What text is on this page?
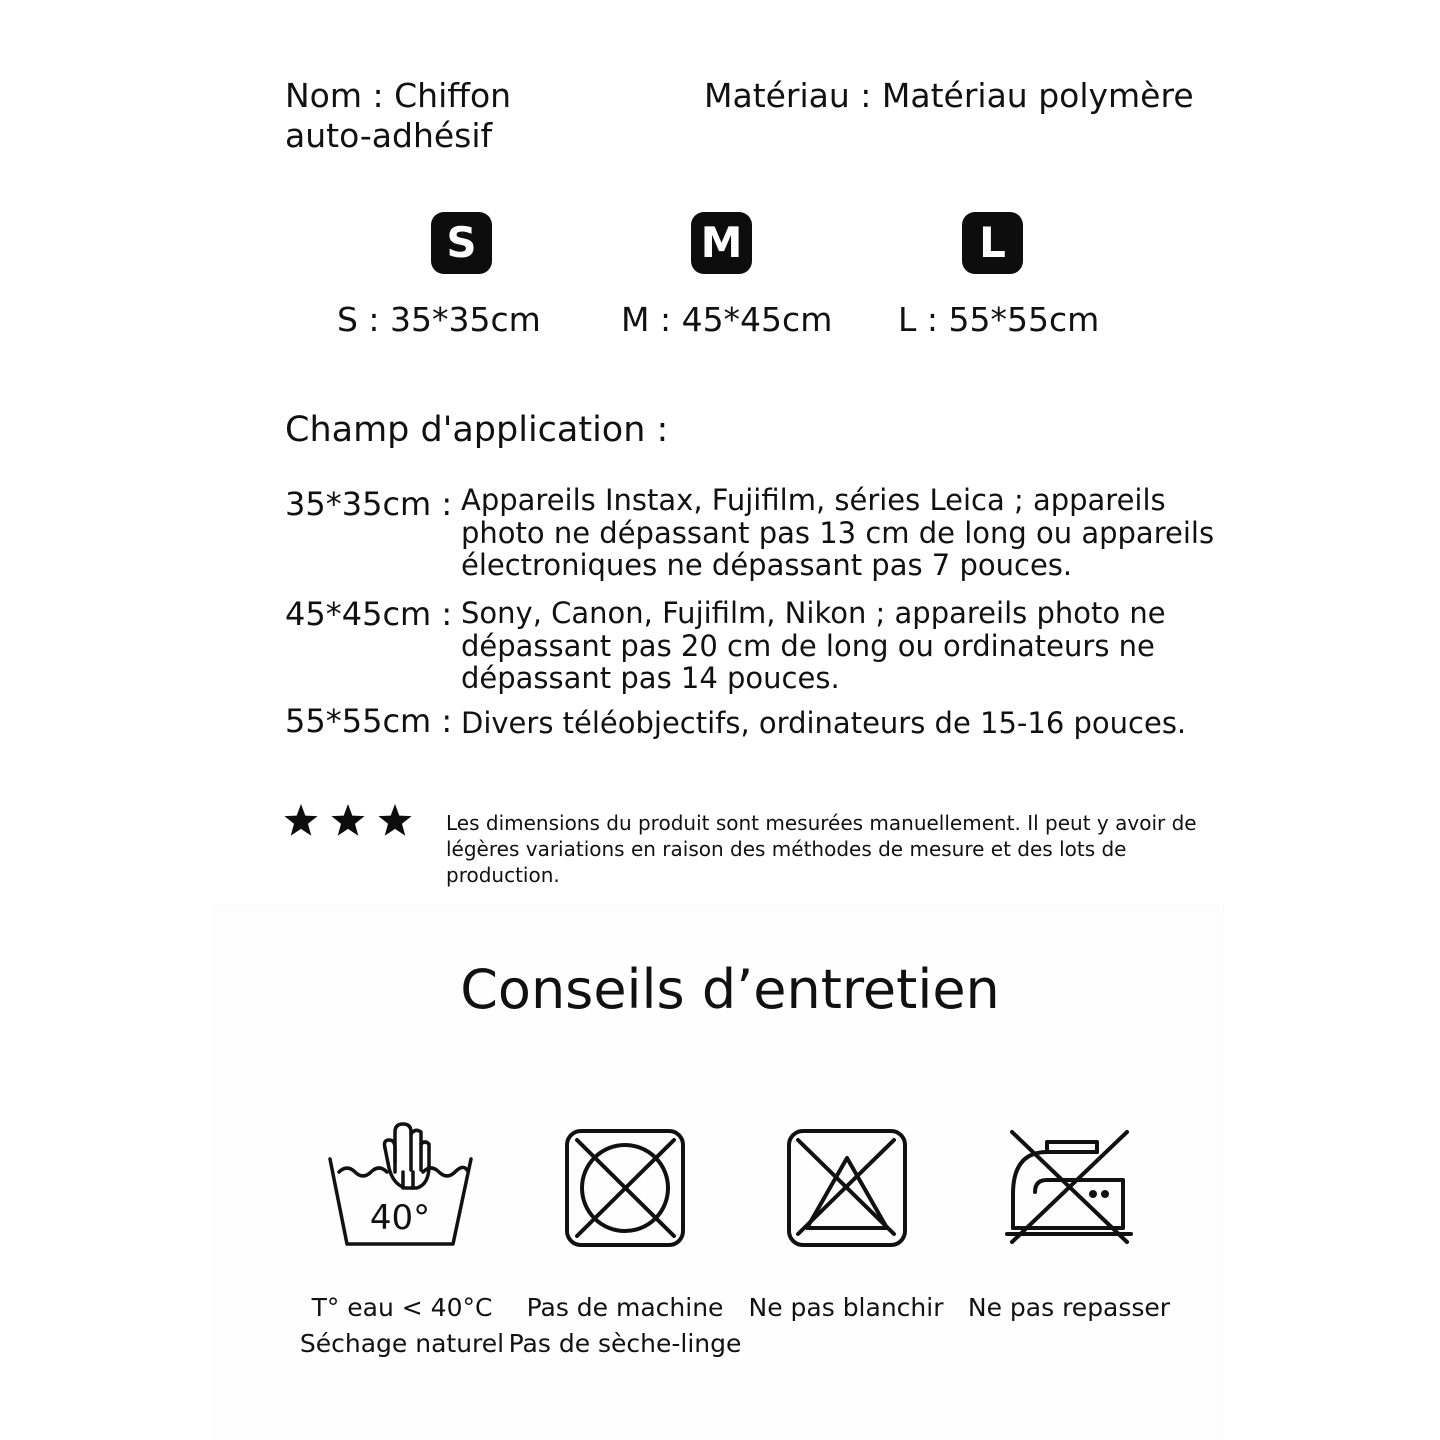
Nom : Chiffon auto-adhésif
Matériau : Matériau polymère
S	M	L
S : 35*35cm M : 45*45cm L : 55*55cm
Champ d'application :
35*35cm : Appareils Instax, Fujifilm, séries Leica ; appareils photo ne dépassant pas 13 cm de long ou appareils électroniques ne dépassant pas 7 pouces.
45*45cm : Sony, Canon, Fujifilm, Nikon ; appareils photo ne dépassant pas 20 cm de long ou ordinateurs ne dépassant pas 14 pouces.
55*55cm : Divers téléobjectifs, ordinateurs de 15-16 pouces.
Les dimensions du produit sont mesurées manuellement. Il peut y avoir de légères variations en raison des méthodes de mesure et des lots de production.
Conseils d’entretien
40°
T° eau < 40°C
Séchage naturel
Pas de machine
Pas de sèche-linge
Ne pas blanchir Ne pas repasser
